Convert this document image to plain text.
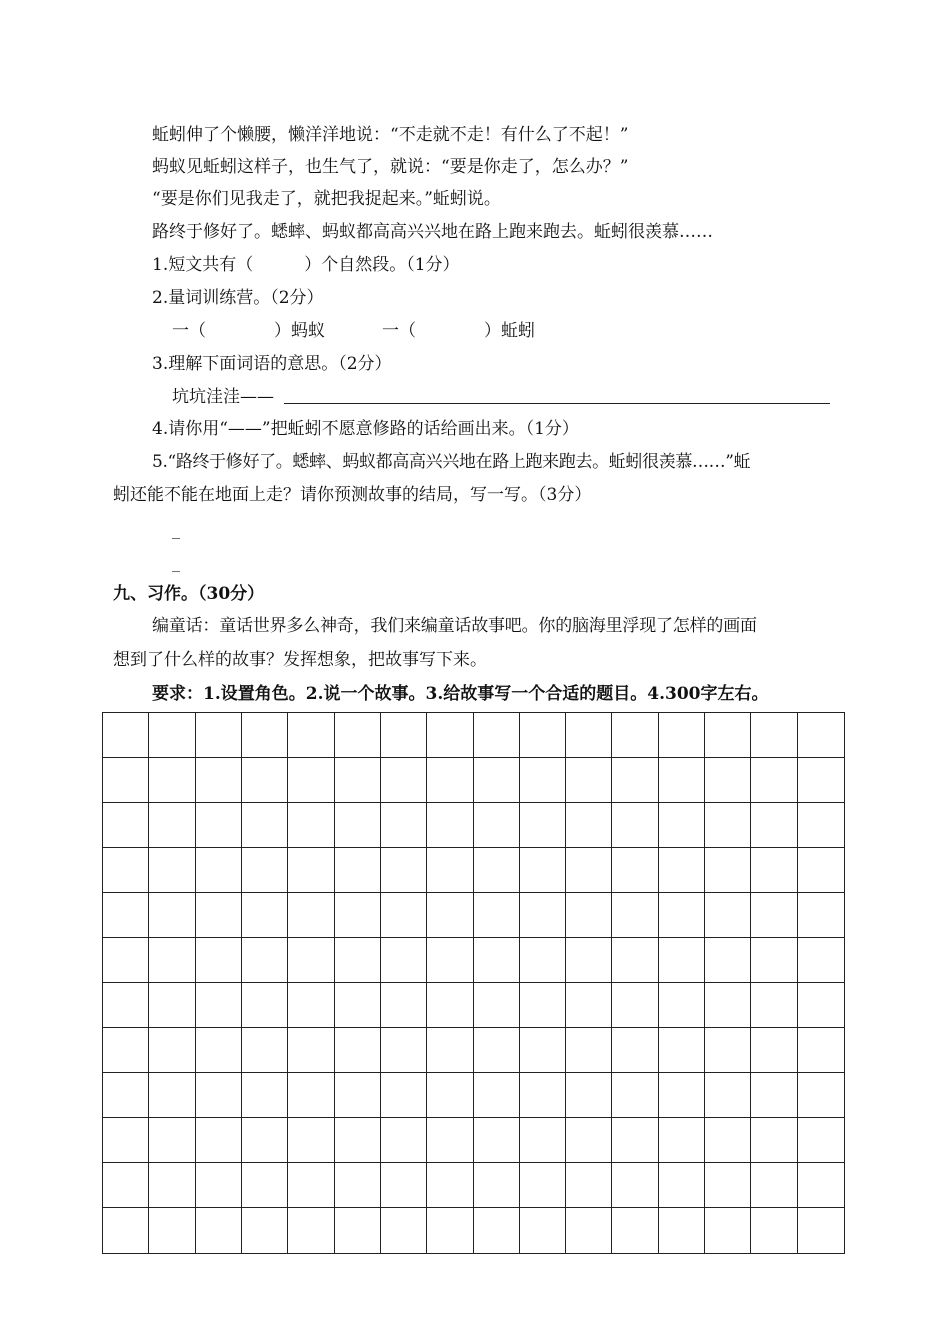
蚯蚓伸了个懒腰，懒洋洋地说：“不走就不走！有什么了不起！”
蚂蚁见蚯蚓这样子，也生气了，就说：“要是你走了，怎么办？”
“要是你们见我走了，就把我捉起来。”蚯蚓说。
路终于修好了。蟋蟀、蚂蚁都高高兴兴地在路上跑来跑去。蚯蚓很羡慕……
1.短文共有（　　　）个自然段。（1分）
2.量词训练营。（2分）
一（　　　　）蚂蚁	一（　　　　）蚯蚓
3.理解下面词语的意思。（2分）
坑坑洼洼——
4.请你用“——”把蚯蚓不愿意修路的话给画出来。（1分）
5.“路终于修好了。蟋蟀、蚂蚁都高高兴兴地在路上跑来跑去。蚯蚓很羡慕……”蚯
蚓还能不能在地面上走？请你预测故事的结局，写一写。（3分）
_
_
九、习作。（30分）
编童话：童话世界多么神奇，我们来编童话故事吧。你的脑海里浮现了怎样的画面
想到了什么样的故事？发挥想象，把故事写下来。
要求：1.设置角色。2.说一个故事。3.给故事写一个合适的题目。4.300字左右。
